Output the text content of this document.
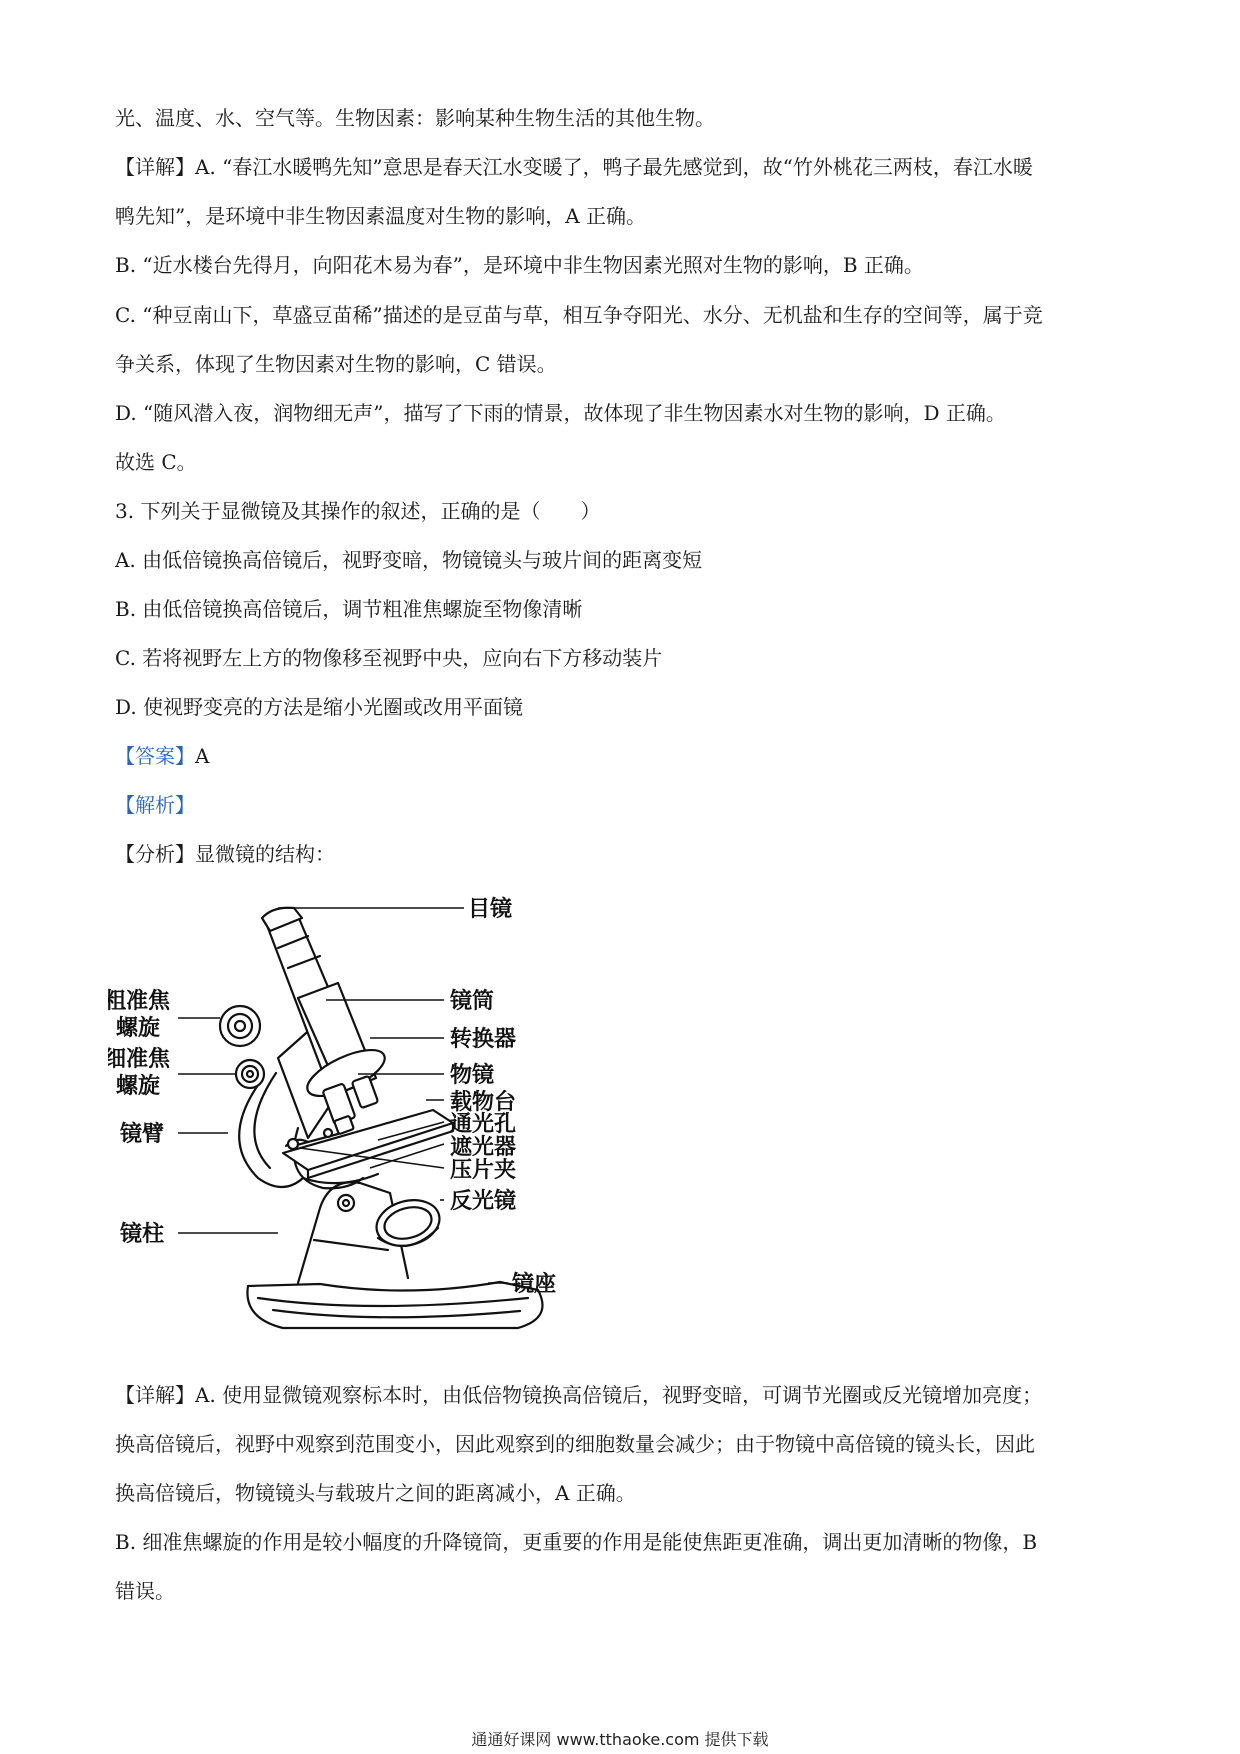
光、温度、水、空气等。生物因素：影响某种生物生活的其他生物。
【详解】A. “春江水暖鸭先知”意思是春天江水变暖了，鸭子最先感觉到，故“竹外桃花三两枝，春江水暖
鸭先知”，是环境中非生物因素温度对生物的影响，A 正确。
B. “近水楼台先得月，向阳花木易为春”，是环境中非生物因素光照对生物的影响，B 正确。
C. “种豆南山下，草盛豆苗稀”描述的是豆苗与草，相互争夺阳光、水分、无机盐和生存的空间等，属于竞
争关系，体现了生物因素对生物的影响，C 错误。
D. “随风潜入夜，润物细无声”，描写了下雨的情景，故体现了非生物因素水对生物的影响，D 正确。
故选 C。
3. 下列关于显微镜及其操作的叙述，正确的是（　　）
A. 由低倍镜换高倍镜后，视野变暗，物镜镜头与玻片间的距离变短
B. 由低倍镜换高倍镜后，调节粗准焦螺旋至物像清晰
C. 若将视野左上方的物像移至视野中央，应向右下方移动装片
D. 使视野变亮的方法是缩小光圈或改用平面镜
【答案】A
【解析】
【分析】显微镜的结构：
目镜
镜筒
转换器
物镜
载物台
通光孔
遮光器
压片夹
反光镜
镜座
粗准焦
螺旋
细准焦
螺旋
镜臂
镜柱
【详解】A. 使用显微镜观察标本时，由低倍物镜换高倍镜后，视野变暗，可调节光圈或反光镜增加亮度；
换高倍镜后，视野中观察到范围变小，因此观察到的细胞数量会减少；由于物镜中高倍镜的镜头长，因此
换高倍镜后，物镜镜头与载玻片之间的距离减小，A 正确。
B. 细准焦螺旋的作用是较小幅度的升降镜筒，更重要的作用是能使焦距更准确，调出更加清晰的物像，B
错误。
通通好课网 www.tthaoke.com 提供下载
